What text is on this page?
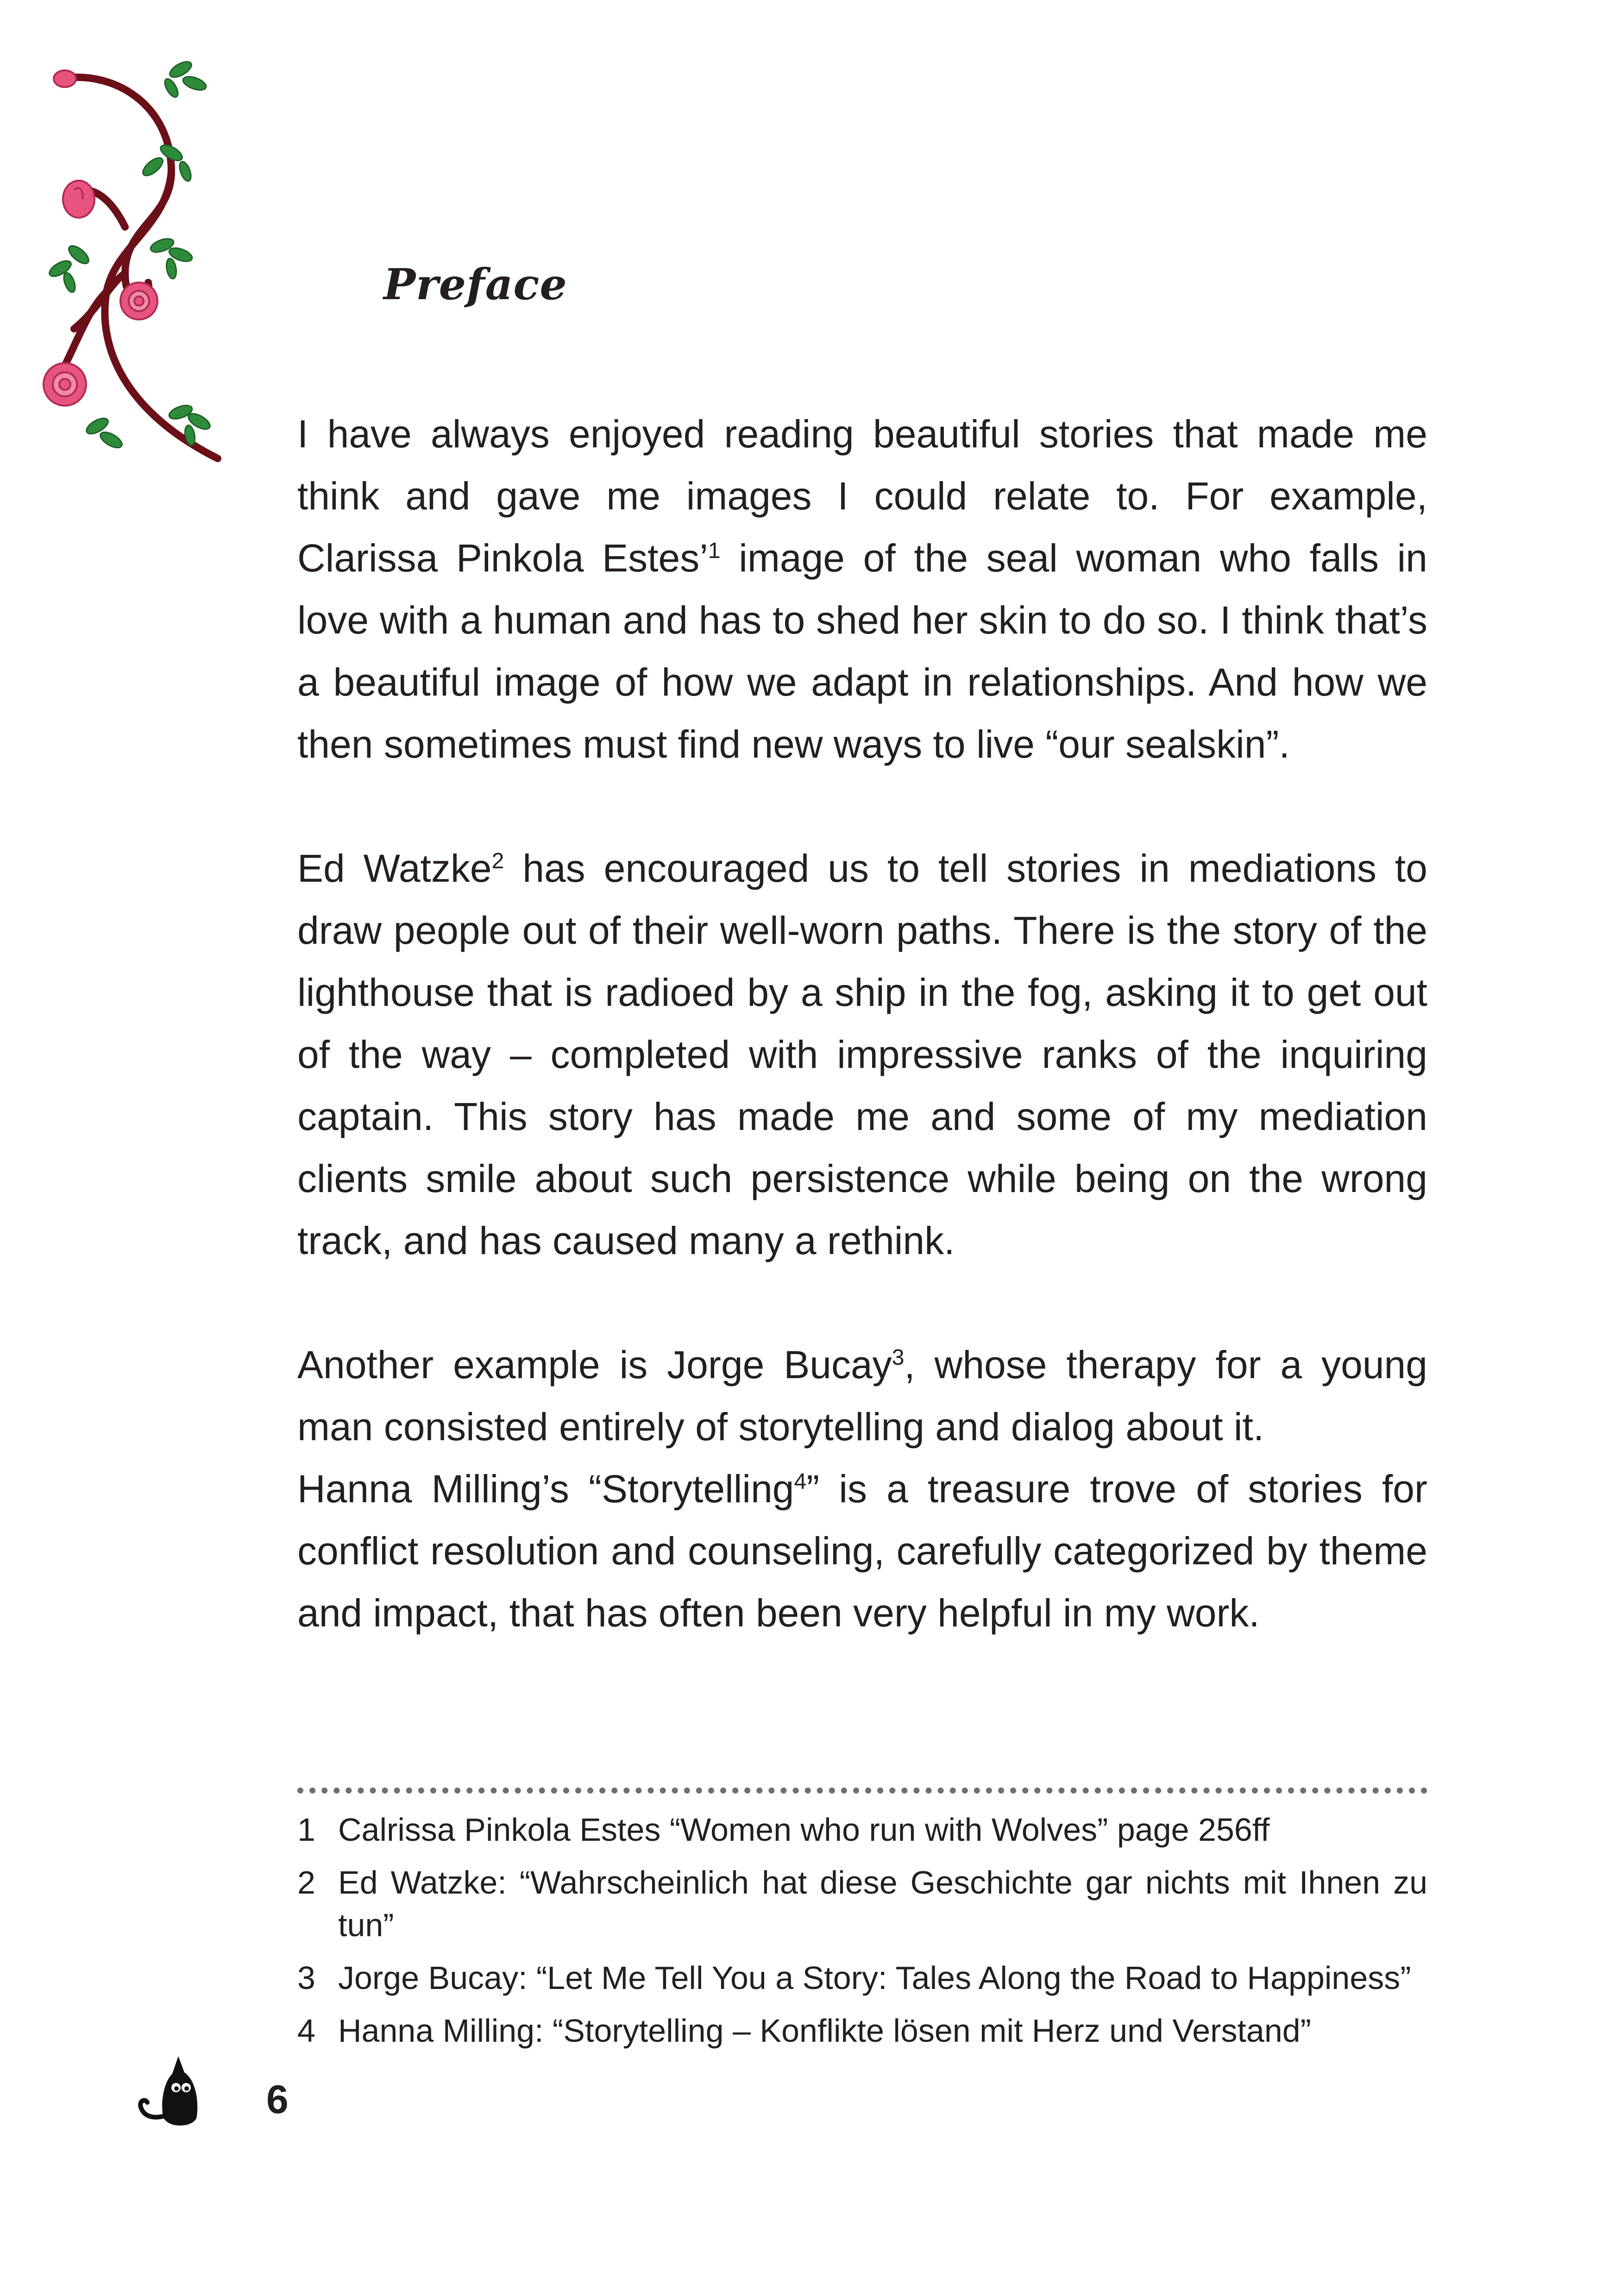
Preface

I have always enjoyed reading beautiful stories that made me think and gave me images I could relate to. For example, Clarissa Pinkola Estes’$^1$ image of the seal woman who falls in love with a human and has to shed her skin to do so. I think that’s a beautiful image of how we adapt in relationships. And how we then sometimes must find new ways to live “our sealskin”.

Ed Watzke$^2$ has encouraged us to tell stories in mediations to draw people out of their well-worn paths. There is the story of the lighthouse that is radioed by a ship in the fog, asking it to get out of the way – completed with impressive ranks of the inquiring captain. This story has made me and some of my mediation clients smile about such persistence while being on the wrong track, and has caused many a rethink.

Another example is Jorge Bucay$^3$, whose therapy for a young man consisted entirely of storytelling and dialog about it.

Hanna Milling’s “Storytelling$^4$” is a treasure trove of stories for conflict resolution and counseling, carefully categorized by theme and impact, that has often been very helpful in my work.

1 Calrissa Pinkola Estes “Women who run with Wolves” page 256ff
2 Ed Watzke: “Wahrscheinlich hat diese Geschichte gar nichts mit Ihnen zu tun”
3 Jorge Bucay: “Let Me Tell You a Story: Tales Along the Road to Happiness”
4 Hanna Milling: “Storytelling – Konflikte lösen mit Herz und Verstand”
6
